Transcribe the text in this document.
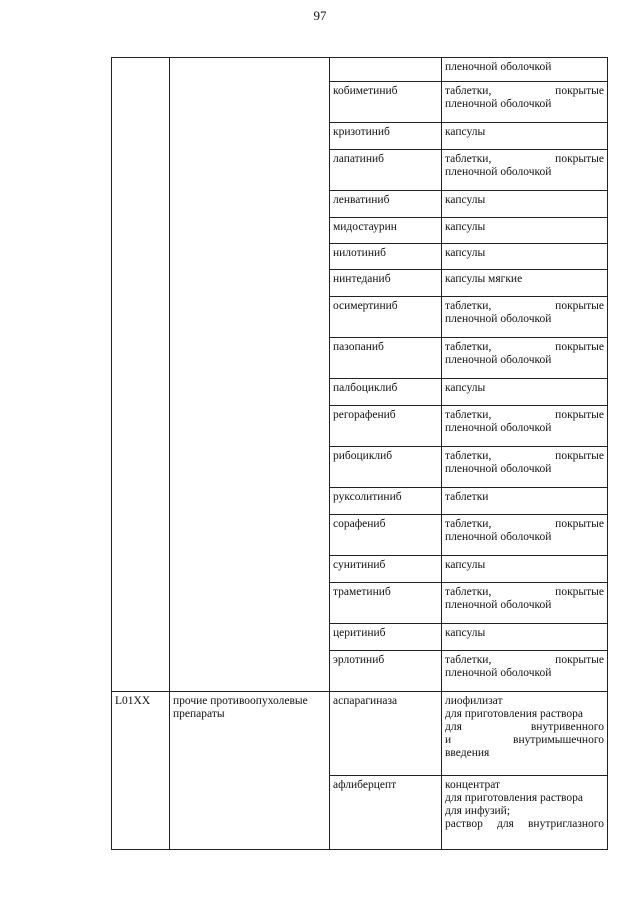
97

			пленочной оболочкой

		кобиметиниб	таблетки, покрытые
пленочной оболочкой

		кризотиниб	капсулы

		лапатиниб	таблетки, покрытые
пленочной оболочкой

		ленватиниб	капсулы

		мидостаурин	капсулы

		нилотиниб	капсулы

		нинтеданиб	капсулы мягкие

		осимертиниб	таблетки, покрытые
пленочной оболочкой

		пазопаниб	таблетки, покрытые
пленочной оболочкой

		палбоциклиб	капсулы

		регорафениб	таблетки, покрытые
пленочной оболочкой

		рибоциклиб	таблетки, покрытые
пленочной оболочкой

		руксолитиниб	таблетки

		сорафениб	таблетки, покрытые
пленочной оболочкой

		сунитиниб	капсулы

		траметиниб	таблетки, покрытые
пленочной оболочкой

		церитиниб	капсулы

		эрлотиниб	таблетки, покрытые
пленочной оболочкой

L01XX	прочие противоопухолевые препараты	аспарагиназа	лиофилизат
для приготовления раствора
для внутривенного
и внутримышечного
введения

		афлиберцепт	концентрат
для приготовления раствора
для инфузий;
раствор для внутриглазного
